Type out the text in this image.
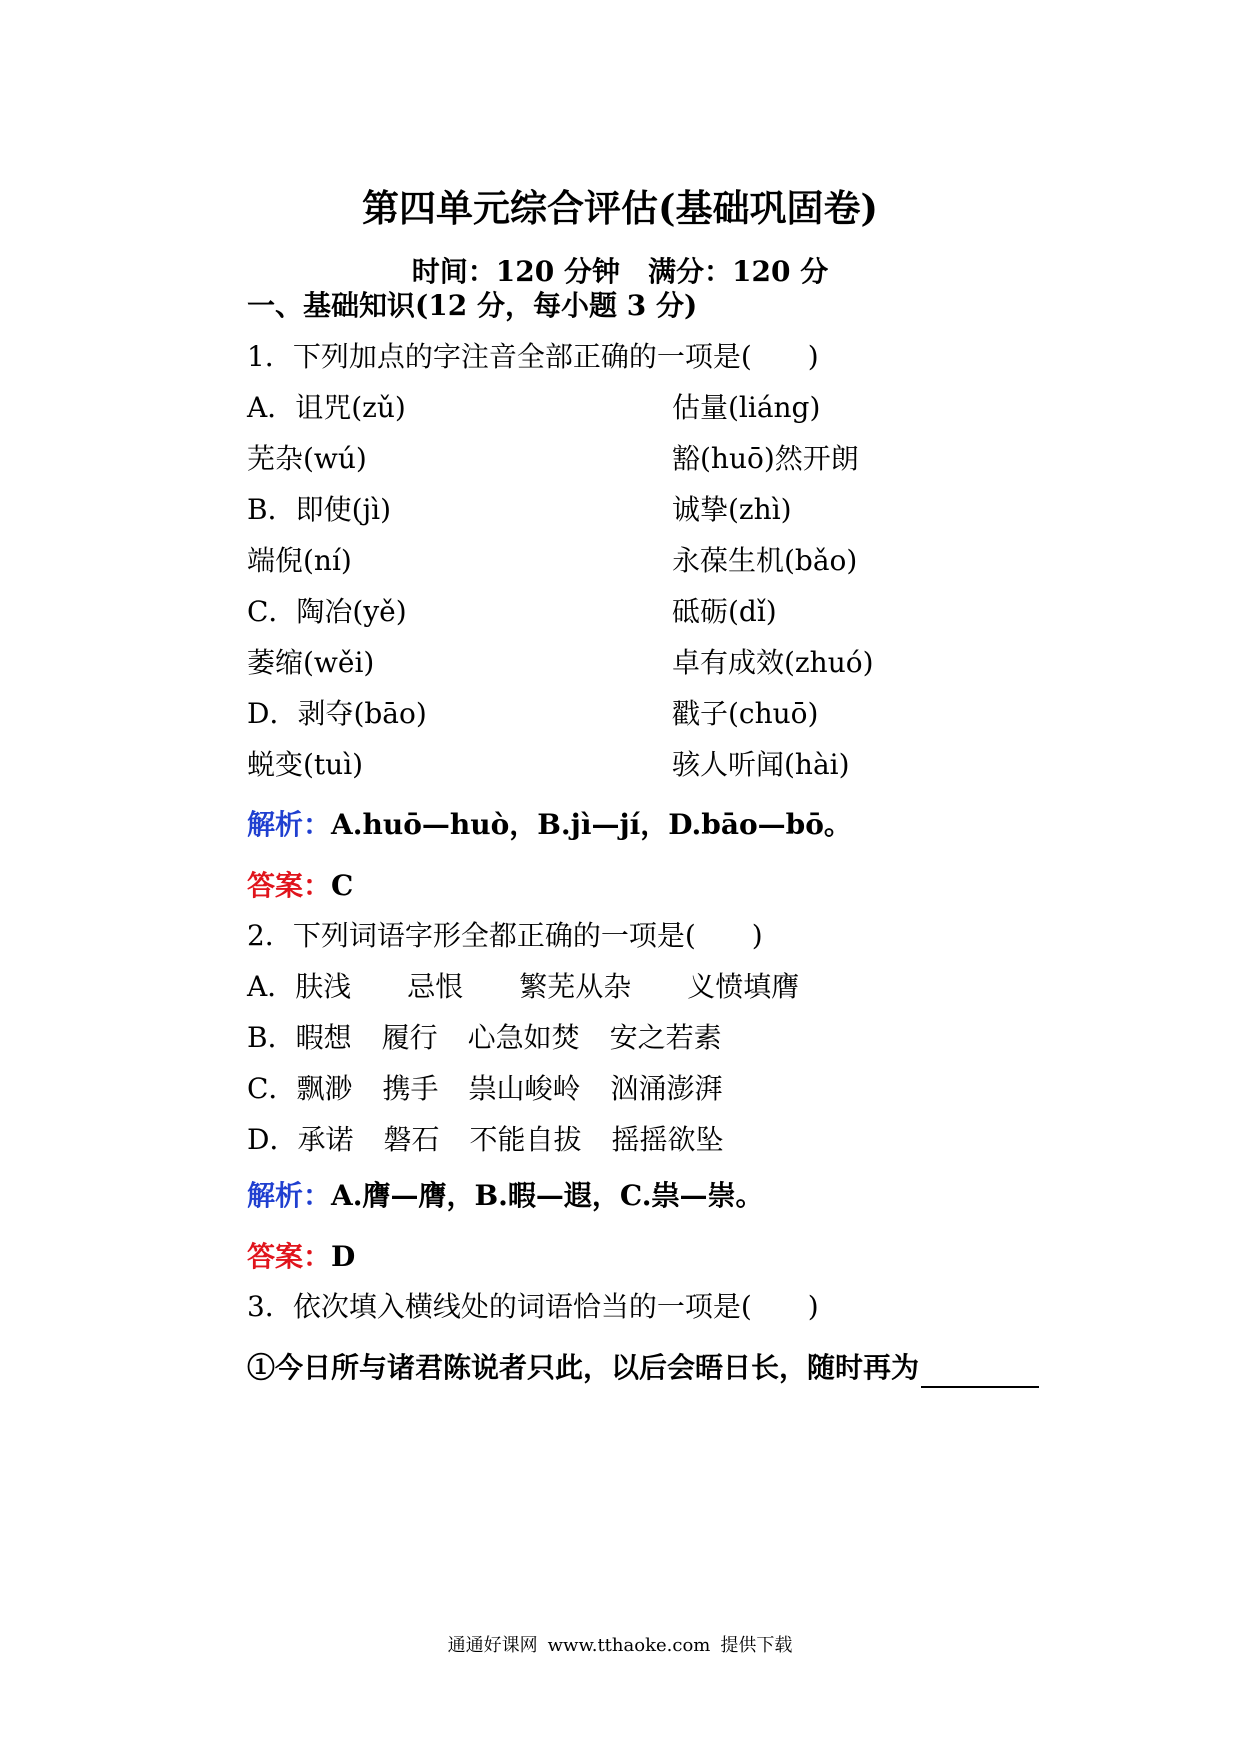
第四单元综合评估(基础巩固卷)
时间：120 分钟 满分：120 分
一、基础知识(12 分，每小题 3 分)
1．下列加点的字注音全部正确的一项是(　　)
A．诅咒(zǔ)	估量(liáng)
芜杂(wú)	豁(huō)然开朗
B．即使(jì)	诚挚(zhì)
端倪(ní)	永葆生机(bǎo)
C．陶冶(yě)	砥砺(dǐ)
萎缩(wěi)	卓有成效(zhuó)
D．剥夺(bāo)	戳子(chuō)
蜕变(tuì)	骇人听闻(hài)
解析：A.huō—huò，B.jì—jí，D.bāo—bō。
答案：C
2．下列词语字形全都正确的一项是(　　)
A．肤浅 忌恨 繁芜从杂 义愤填膺
B．暇想 履行 心急如焚 安之若素
C．飘渺 携手 祟山峻岭 汹涌澎湃
D．承诺 磐石 不能自拔 摇摇欲坠
解析：A.膺—膺，B.暇—遐，C.祟—崇。
答案：D
3．依次填入横线处的词语恰当的一项是(　　)
①今日所与诸君陈说者只此，以后会晤日长，随时再为
通通好课网 www.tthaoke.com 提供下载
